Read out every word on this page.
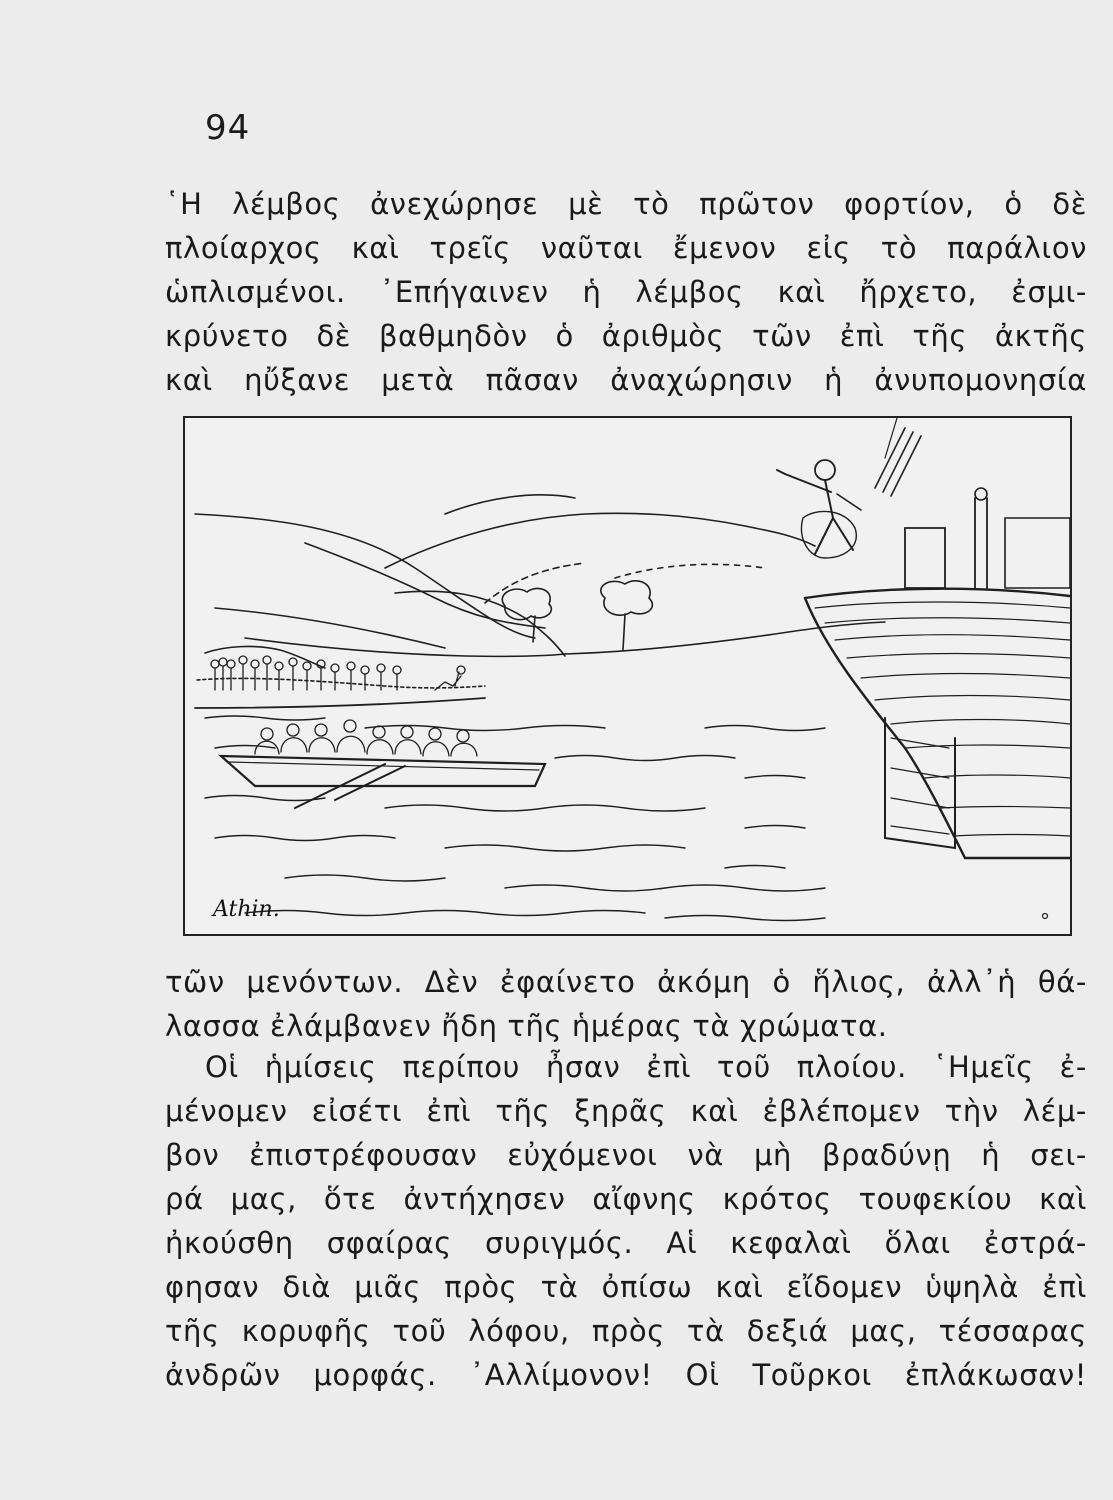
94
῾Η λέμβος ἀνεχώρησε μὲ τὸ πρῶτον φορτίον, ὁ δὲ
πλοίαρχος καὶ τρεῖς ναῦται ἔμενον εἰς τὸ παράλιον
ὡπλισμένοι. ᾿Επήγαινεν ἡ λέμβος καὶ ἤρχετο, ἐσμι-
κρύνετο δὲ βαθμηδὸν ὁ ἀριθμὸς τῶν ἐπὶ τῆς ἀκτῆς
καὶ ηὔξανε μετὰ πᾶσαν ἀναχώρησιν ἡ ἀνυπομονησία
Athin.
τῶν μενόντων. Δὲν ἐφαίνετο ἀκόμη ὁ ἥλιος, ἀλλ᾿ἡ θά-
λασσα ἐλάμβανεν ἤδη τῆς ἡμέρας τὰ χρώματα.
Οἱ ἡμίσεις περίπου ἦσαν ἐπὶ τοῦ πλοίου. ῾Ημεῖς ἐ-
μένομεν εἰσέτι ἐπὶ τῆς ξηρᾶς καὶ ἐβλέπομεν τὴν λέμ-
βον ἐπιστρέφουσαν εὐχόμενοι νὰ μὴ βραδύνῃ ἡ σει-
ρά μας, ὅτε ἀντήχησεν αἴφνης κρότος τουφεκίου καὶ
ἠκούσθη σφαίρας συριγμός. Αἱ κεφαλαὶ ὅλαι ἐστρά-
φησαν διὰ μιᾶς πρὸς τὰ ὀπίσω καὶ εἴδομεν ὑψηλὰ ἐπὶ
τῆς κορυφῆς τοῦ λόφου, πρὸς τὰ δεξιά μας, τέσσαρας
ἀνδρῶν μορφάς. ᾿Αλλίμονον! Οἱ Τοῦρκοι ἐπλάκωσαν!
